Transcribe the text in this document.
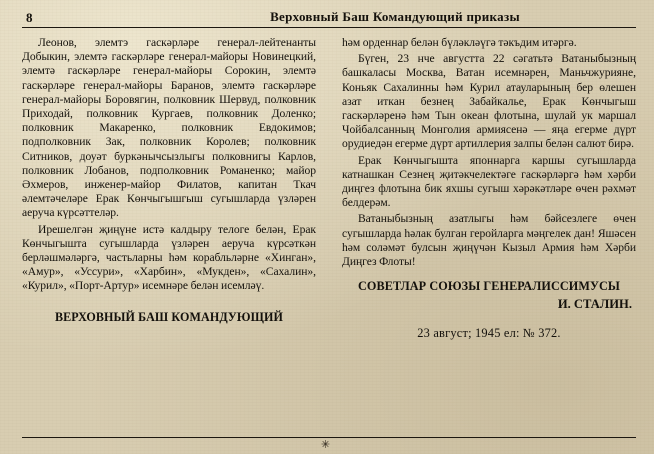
8	Верховный Баш Командующий приказы

Леонов, элемтэ гаскәрләре генерал-лейтенанты Добыкин, элемтә гаскәрләре генерал-майоры Новинецкий, элемтә гаскәрләре генерал-майоры Сорокин, элемтә гаскәрләре генерал-майоры Баранов, элемтә гаскәрләре генерал-майоры Боровягин, полковник Шервуд, полковник Приходай, полковник Кургаев, полковник Доленко; полковник Макаренко, полковник Евдокимов; подполковник Зак, полковник Королев; полковник Ситников, доуәт буркәнычсызлыгы полковнигы Карлов, полковник Лобанов, подполковник Романенко; майор Әхмеров, инженер-майор Филатов, капитан Ткач әлемтәчеләре Ерак Көнчыгышгыш сугышларда үзләрен аеруча күрсәттеләр.

Ирешелгән җиңүне истә калдыру телоге белән, Ерак Көнчыгышта сугышларда үзләрен аеруча күрсәткән берләшмәләргә, частьларны һәм корабльләрне «Хинган», «Амур», «Уссури», «Харбин», «Мукден», «Сахалин», «Курил», «Порт-Артур» исемнәре белән исемләү.

ВЕРХОВНЫЙ БАШ КОМАНДУЮЩИЙ

һәм орденнар белән бүләкләүгә тәкъдим итәргә.

Бүген, 23 нче августта 22 сәгатьтә Ватаныбызның башкаласы Москва, Ватан исемнәрен, Маньчжурияне, Коньяк Сахалинны һәм Курил атауларының бер өлешен азат иткан безнең Забайкалье, Ерак Көнчыгыш гаскәрләренә һәм Тын океан флотына, шулай ук маршал Чойбалсанның Монголия армиясенә — яңа егерме дүрт орудиедән егерме дүрт артиллерия залпы белән салют бирә.

Ерак Көнчыгышта японнарга каршы сугышларда катнашкан Сезнең җитәкчелектәге гаскәрләргә һәм хәрби диңгез флотына бик яхшы сугыш хәрәкәтләре өчен рәхмәт белдерәм.

Ватаныбызның азатлыгы һәм бәйсезлеге өчен сугышларда һәлак булган геройларга мәңгелек дан! Яшәсен һәм соләмәт булсын җиңүчән Кызыл Армия һәм Хәрби Диңгез Флоты!

СОВЕТЛАР СОЮЗЫ ГЕНЕРАЛИССИМУСЫ
И. СТАЛИН.
23 август; 1945 ел: № 372.
✳
